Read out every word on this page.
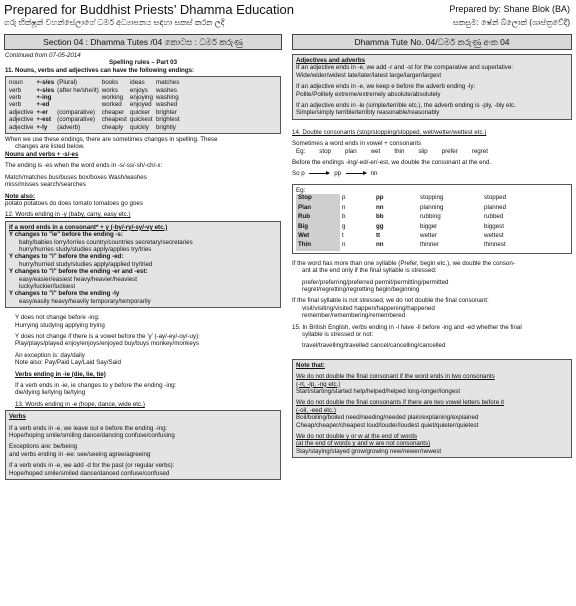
Prepared for Buddhist Priests’ Dhamma Education
ගරු භික්ෂූන් වහන්සේලාගේ ධර්ම අධ්‍යාපනය සඳහා සකස් කරන ලදි
Prepared by: Shane Blok (BA)
සකසුම: ෂේන් බ්ලොක් (ශාස්ත්‍රවේදී)
Section 04 : Dhamma Tutes /04 කොටස : ධර්ම කරුණු	Dhamma Tute No. 04/ධර්ම කරුණු අංක 04

Continued from 07-05-2014

Spelling rules – Part 03

11. Nouns, verbs and adjectives can have the following endings:

noun	+-s/es	(Plural)	books	ideas	matches
verb	+-s/es	(after he/she/it)	works	enjoys	washes
verb	+-ing		working	enjoying	washing
verb	+-ed		worked	enjoyed	washed
adjective	+-er	(comparative)	cheaper	quicker	brighter
adjective	+-est	(comparative)	cheapest	quickest	brightest
adjective	+-ly	(adverb)	cheaply	quickly	brightly

When we use these endings, there are sometimes changes in spelling. These

changes are listed below.

Nouns and verbs + -s/-es

The ending is -es when the word ends in -s/-ss/-sh/-ch/-x:

Match/matches bus/buses box/boxes Wash/washes

miss/misses search/searches

Note also:

potato potatoes do does tomato tomatoes go goes

12. Words ending in -y (baby, carry, easy etc.)

If a word ends in a consonant* + y (-by/-ry/-sy/-vy etc.)

Y changes to "ie" before the ending -s:

baby/babies lorry/lorries country/countries secretary/secretaries

hurry/hurries study/studies apply/applies try/tries

Y changes to "i" before the ending -ed:

hurry/hurried study/studies apply/applied try/tried

Y changes to "i" before the ending -er and -est:

easy/easier/easiest heavy/heavier/heaviest

lucky/luckier/luckiest

Y changes to "i" before the ending -ly

easy/easily heavy/heavily temporary/temporarily

Y does not change before -ing:

Hurrying studying applying trying

Y does not change if there is a vowel before the 'y' (-ay/-ey/-oy/-uy):

Play/plays/played enjoy/enjoys/enjoyed buy/buys monkey/monkeys

An exception is: day/daily

Note also: Pay/Paid Lay/Laid Say/Said

Verbs ending in -ie (die, lie, tie)

If a verb ends in -ie, ie changes to y before the ending -ing:

die/dying lie/lying tie/tying

13. Words ending in -e (hope, dance, wide etc.)

Verbs

If a verb ends in -e, we leave out e before the ending -ing:

Hope/hoping smile/smiling dance/dancing confuse/confusing

Exceptions are: be/being

and verbs ending in -ee: see/seeing agree/agreeing

If a verb ends in -e, we add -d for the past (or regular verbs):

Hope/hoped smile/smiled dance/danced confuse/confused

Adjectives and adverbs

If an adjective ends in -e, we add -r and -st for the comparative and superlative:

Wide/wider/widest late/later/latest large/larger/largest

If an adjective ends in -e, we keep e before the adverb ending -ly:

Polite/Politely extreme/extremely absolute/absolutely

If an adjective ends in -le (simple/terrible etc.), the adverb ending is -ply, -bly etc.

Simple/simply terrible/terribly reasonable/reasonably

14. Double consonants (stop/stopping/stopped, wet/wetter/wettest etc.)

Sometimes a word ends in vowel + consonants

Eg: stop plan wet thin slip prefer regret

Before the endings -ing/-ed/-er/-est, we double the consonant at the end.

So p	pp	nn

Eg:

Stop	p	pp	stopping	stopped
Plan	n	nn	planning	planned
Rub	b	bb	rubbing	rubbed
Big	g	gg	bigger	biggest
Wet	t	tt	wetter	wettest
Thin	n	nn	thinner	thinnest

If the word has more than one syllable (Prefer, begin etc.), we double the conson-

ant at the end only if the final syllable is stressed:

prefer/preferring/preferred permit/permitting/permitted

regret/regretting/regretting begin/beginning

If the final syllable is not stressed, we do not double the final consonant:

visit/visiting/visited happen/happening/happened

remember/remembering/remembered

15. In British English, verbs ending in -l have -ll before -ing and -ed whether the final

syllable is stressed or not:

travel/travelling/travelled cancel/cancelling/cancelled

Note that:

We do not double the final consonant if the word ends in two consonants

(-rt, -lp, -ng etc.)

Start/starting/started help/helped/helped long-longer/longest

We do not double the final consonants if there are two vowel letters before it

(-oil, -eed etc.)

Boil/boiling/boiled need/needing/needed plain/explaining/explained

Cheap/cheaper/cheapest loud/louder/loudest quiet/quieter/quietest

We do not double y or w at the end of words

(at the end of words y and w are not consonants)

Stay/staying/stayed grow/growing new/newer/newest
